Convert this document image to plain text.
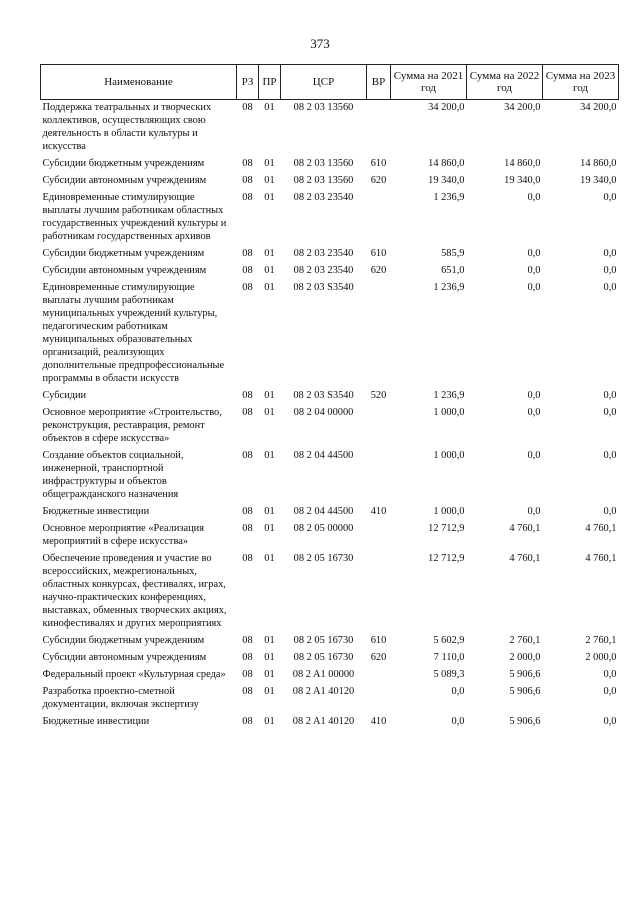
373
Наименование	РЗ	ПР	ЦСР	ВР	Сумма на 2021 год	Сумма на 2022 год	Сумма на 2023 год
Поддержка театральных и творческих коллективов, осуществляющих свою деятельность в области культуры и искусства	08	01	08 2 03 13560		34 200,0	34 200,0	34 200,0
Субсидии бюджетным учреждениям	08	01	08 2 03 13560	610	14 860,0	14 860,0	14 860,0
Субсидии автономным учреждениям	08	01	08 2 03 13560	620	19 340,0	19 340,0	19 340,0
Единовременные стимулирующие выплаты лучшим работникам областных государственных учреждений культуры и работникам государственных архивов	08	01	08 2 03 23540		1 236,9	0,0	0,0
Субсидии бюджетным учреждениям	08	01	08 2 03 23540	610	585,9	0,0	0,0
Субсидии автономным учреждениям	08	01	08 2 03 23540	620	651,0	0,0	0,0
Единовременные стимулирующие выплаты лучшим работникам муниципальных учреждений культуры, педагогическим работникам муниципальных образовательных организаций, реализующих дополнительные предпрофессиональные программы в области искусств	08	01	08 2 03 S3540		1 236,9	0,0	0,0
Субсидии	08	01	08 2 03 S3540	520	1 236,9	0,0	0,0
Основное мероприятие «Строительство, реконструкция, реставрация, ремонт объектов в сфере искусства»	08	01	08 2 04 00000		1 000,0	0,0	0,0
Создание объектов социальной, инженерной, транспортной инфраструктуры и объектов общегражданского назначения	08	01	08 2 04 44500		1 000,0	0,0	0,0
Бюджетные инвестиции	08	01	08 2 04 44500	410	1 000,0	0,0	0,0
Основное мероприятие «Реализация мероприятий в сфере искусства»	08	01	08 2 05 00000		12 712,9	4 760,1	4 760,1
Обеспечение проведения и участие во всероссийских, межрегиональных, областных конкурсах, фестивалях, играх, научно-практических конференциях, выставках, обменных творческих акциях, кинофестивалях и других мероприятиях	08	01	08 2 05 16730		12 712,9	4 760,1	4 760,1
Субсидии бюджетным учреждениям	08	01	08 2 05 16730	610	5 602,9	2 760,1	2 760,1
Субсидии автономным учреждениям	08	01	08 2 05 16730	620	7 110,0	2 000,0	2 000,0
Федеральный проект «Культурная среда»	08	01	08 2 A1 00000		5 089,3	5 906,6	0,0
Разработка проектно-сметной документации, включая экспертизу	08	01	08 2 A1 40120		0,0	5 906,6	0,0
Бюджетные инвестиции	08	01	08 2 A1 40120	410	0,0	5 906,6	0,0
